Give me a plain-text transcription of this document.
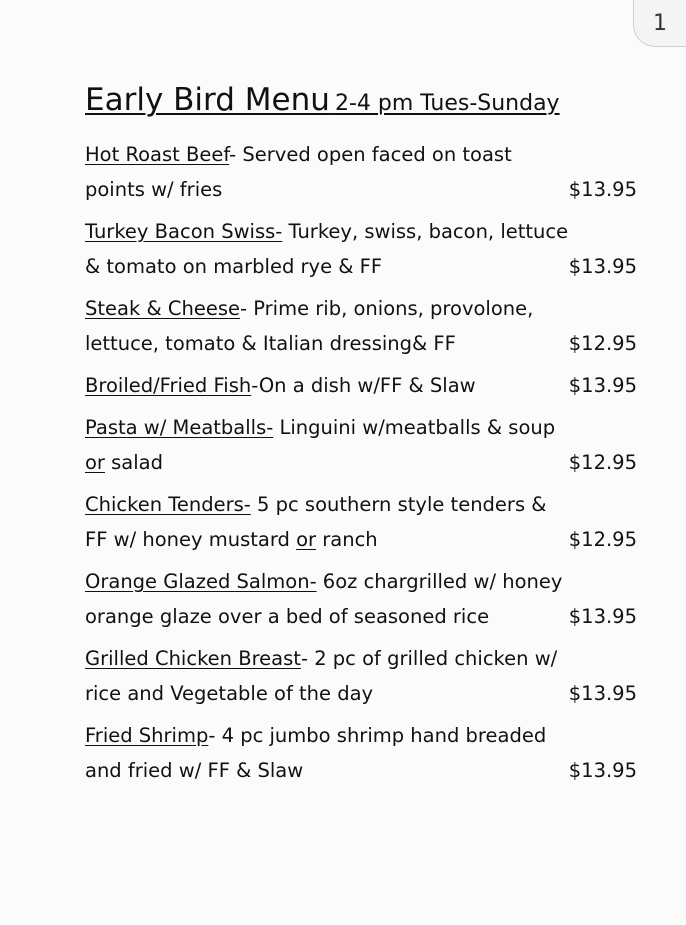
1
Early Bird Menu 2-4 pm Tues-Sunday
Hot Roast Beef- Served open faced on toast
points w/ fries	$13.95
Turkey Bacon Swiss- Turkey, swiss, bacon, lettuce
& tomato on marbled rye & FF	$13.95
Steak & Cheese- Prime rib, onions, provolone,
lettuce, tomato & Italian dressing& FF	$12.95
Broiled/Fried Fish-On a dish w/FF & Slaw	$13.95
Pasta w/ Meatballs- Linguini w/meatballs & soup
or salad	$12.95
Chicken Tenders- 5 pc southern style tenders &
FF w/ honey mustard or ranch	$12.95
Orange Glazed Salmon- 6oz chargrilled w/ honey
orange glaze over a bed of seasoned rice	$13.95
Grilled Chicken Breast- 2 pc of grilled chicken w/
rice and Vegetable of the day	$13.95
Fried Shrimp- 4 pc jumbo shrimp hand breaded
and fried w/ FF & Slaw	$13.95
